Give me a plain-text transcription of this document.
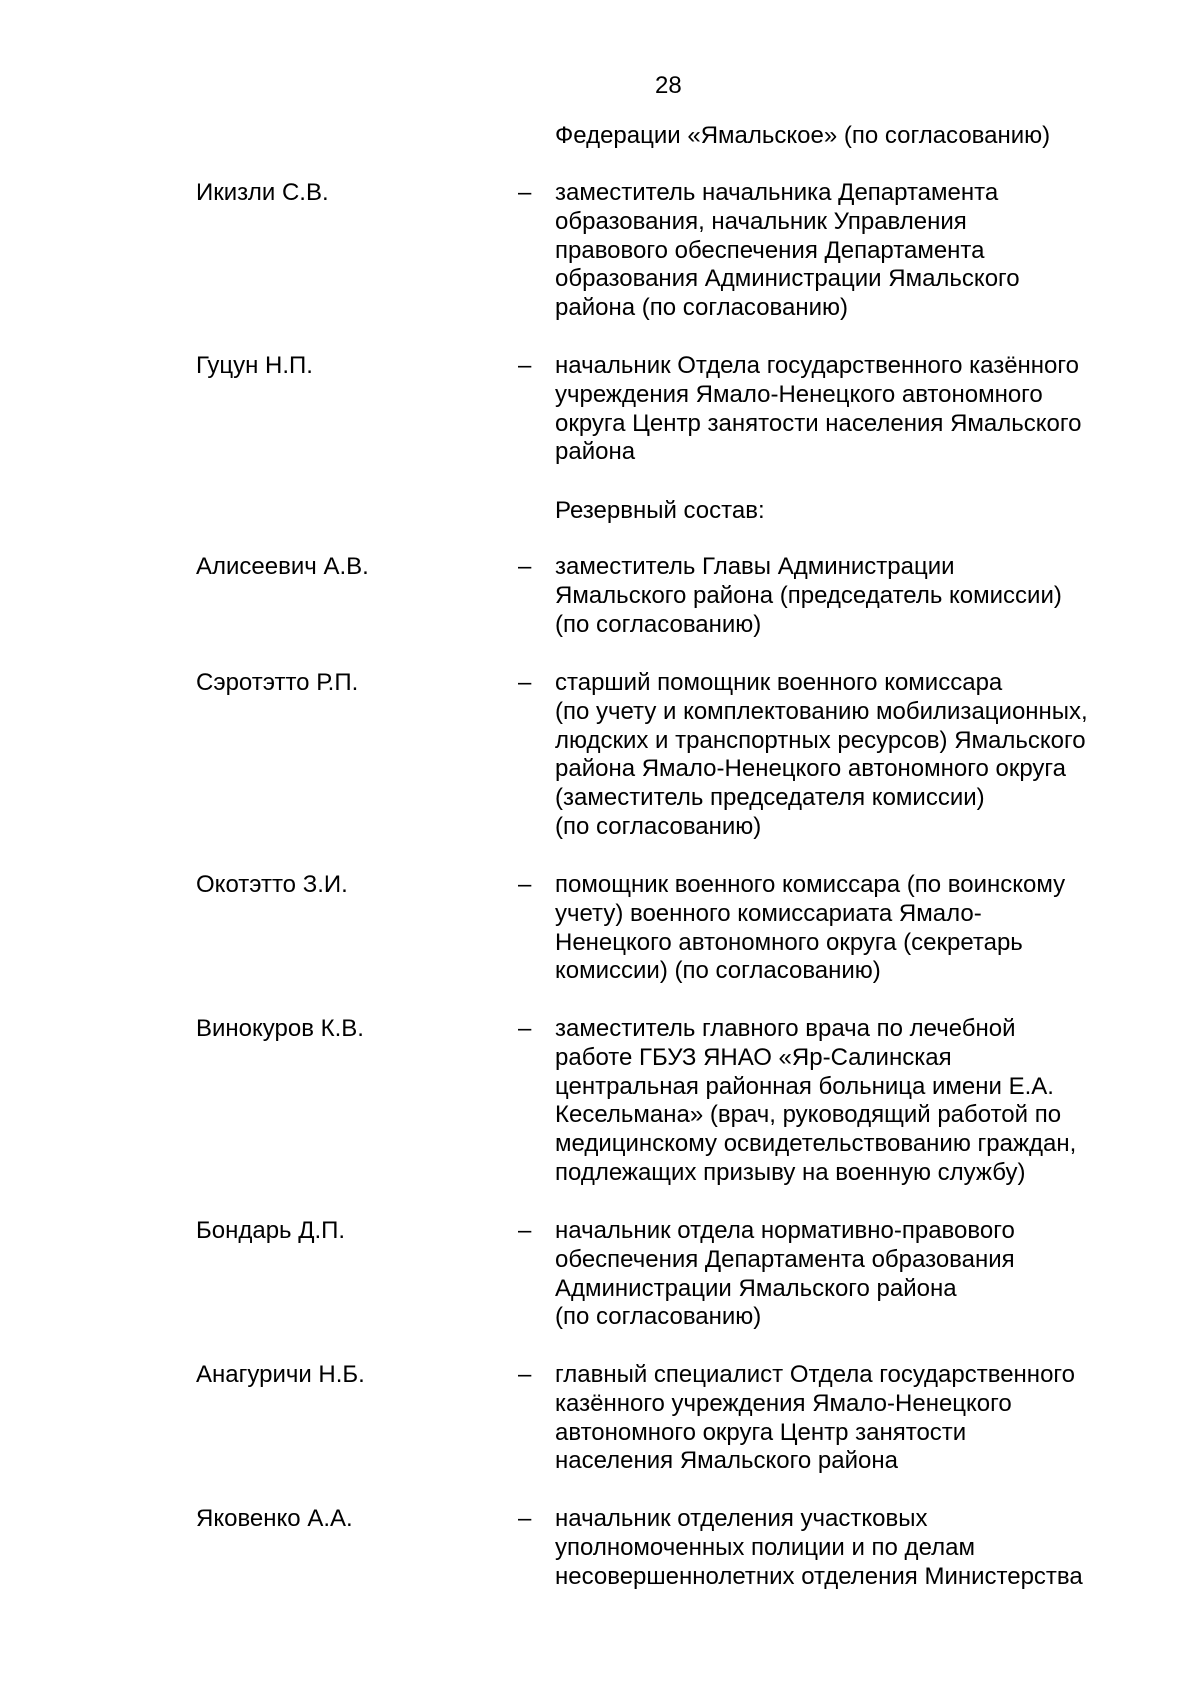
28
Федерации «Ямальское» (по согласованию)
Икизли С.В.	– заместитель начальника Департамента
образования, начальник Управления
правового обеспечения Департамента
образования Администрации Ямальского
района (по согласованию)
Гуцун Н.П.	– начальник Отдела государственного казённого
учреждения Ямало-Ненецкого автономного
округа Центр занятости населения Ямальского
района
Резервный состав:
Алисеевич А.В.	– заместитель Главы Администрации
Ямальского района (председатель комиссии)
(по согласованию)
Сэротэтто Р.П.	– старший помощник военного комиссара
(по учету и комплектованию мобилизационных,
людских и транспортных ресурсов) Ямальского
района Ямало-Ненецкого автономного округа
(заместитель председателя комиссии)
(по согласованию)
Окотэтто З.И.	– помощник военного комиссара (по воинскому
учету) военного комиссариата Ямало-
Ненецкого автономного округа (секретарь
комиссии) (по согласованию)
Винокуров К.В.	– заместитель главного врача по лечебной
работе ГБУЗ ЯНАО «Яр-Салинская
центральная районная больница имени Е.А.
Кесельмана» (врач, руководящий работой по
медицинскому освидетельствованию граждан,
подлежащих призыву на военную службу)
Бондарь Д.П.	– начальник отдела нормативно-правового
обеспечения Департамента образования
Администрации Ямальского района
(по согласованию)
Анагуричи Н.Б.	– главный специалист Отдела государственного
казённого учреждения Ямало-Ненецкого
автономного округа Центр занятости
населения Ямальского района
Яковенко А.А.	– начальник отделения участковых
уполномоченных полиции и по делам
несовершеннолетних отделения Министерства
